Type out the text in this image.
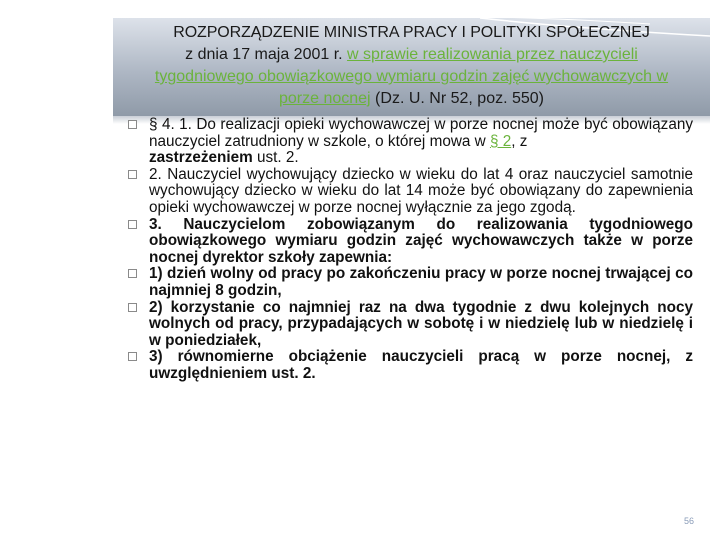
ROZPORZĄDZENIE MINISTRA PRACY I POLITYKI SPOŁECZNEJ
z dnia 17 maja 2001 r. w sprawie realizowania przez nauczycieli
tygodniowego obowiązkowego wymiaru godzin zajęć wychowawczych w
porze nocnej (Dz. U. Nr 52, poz. 550)

§ 4. 1. Do realizacji opieki wychowawczej w porze nocnej może być obowiązany nauczyciel zatrudniony w szkole, o której mowa w § 2, z
zastrzeżeniem ust. 2.

2. Nauczyciel wychowujący dziecko w wieku do lat 4 oraz nauczyciel samotnie wychowujący dziecko w wieku do lat 14 może być obowiązany do zapewnienia opieki wychowawczej w porze nocnej wyłącznie za jego zgodą.

3. Nauczycielom zobowiązanym do realizowania tygodniowego obowiązkowego wymiaru godzin zajęć wychowawczych także w porze nocnej dyrektor szkoły zapewnia:

1) dzień wolny od pracy po zakończeniu pracy w porze nocnej trwającej co najmniej 8 godzin,

2) korzystanie co najmniej raz na dwa tygodnie z dwu kolejnych nocy wolnych od pracy, przypadających w sobotę i w niedzielę lub w niedzielę i w poniedziałek,

3) równomierne obciążenie nauczycieli pracą w porze nocnej, z uwzględnieniem ust. 2.

56
